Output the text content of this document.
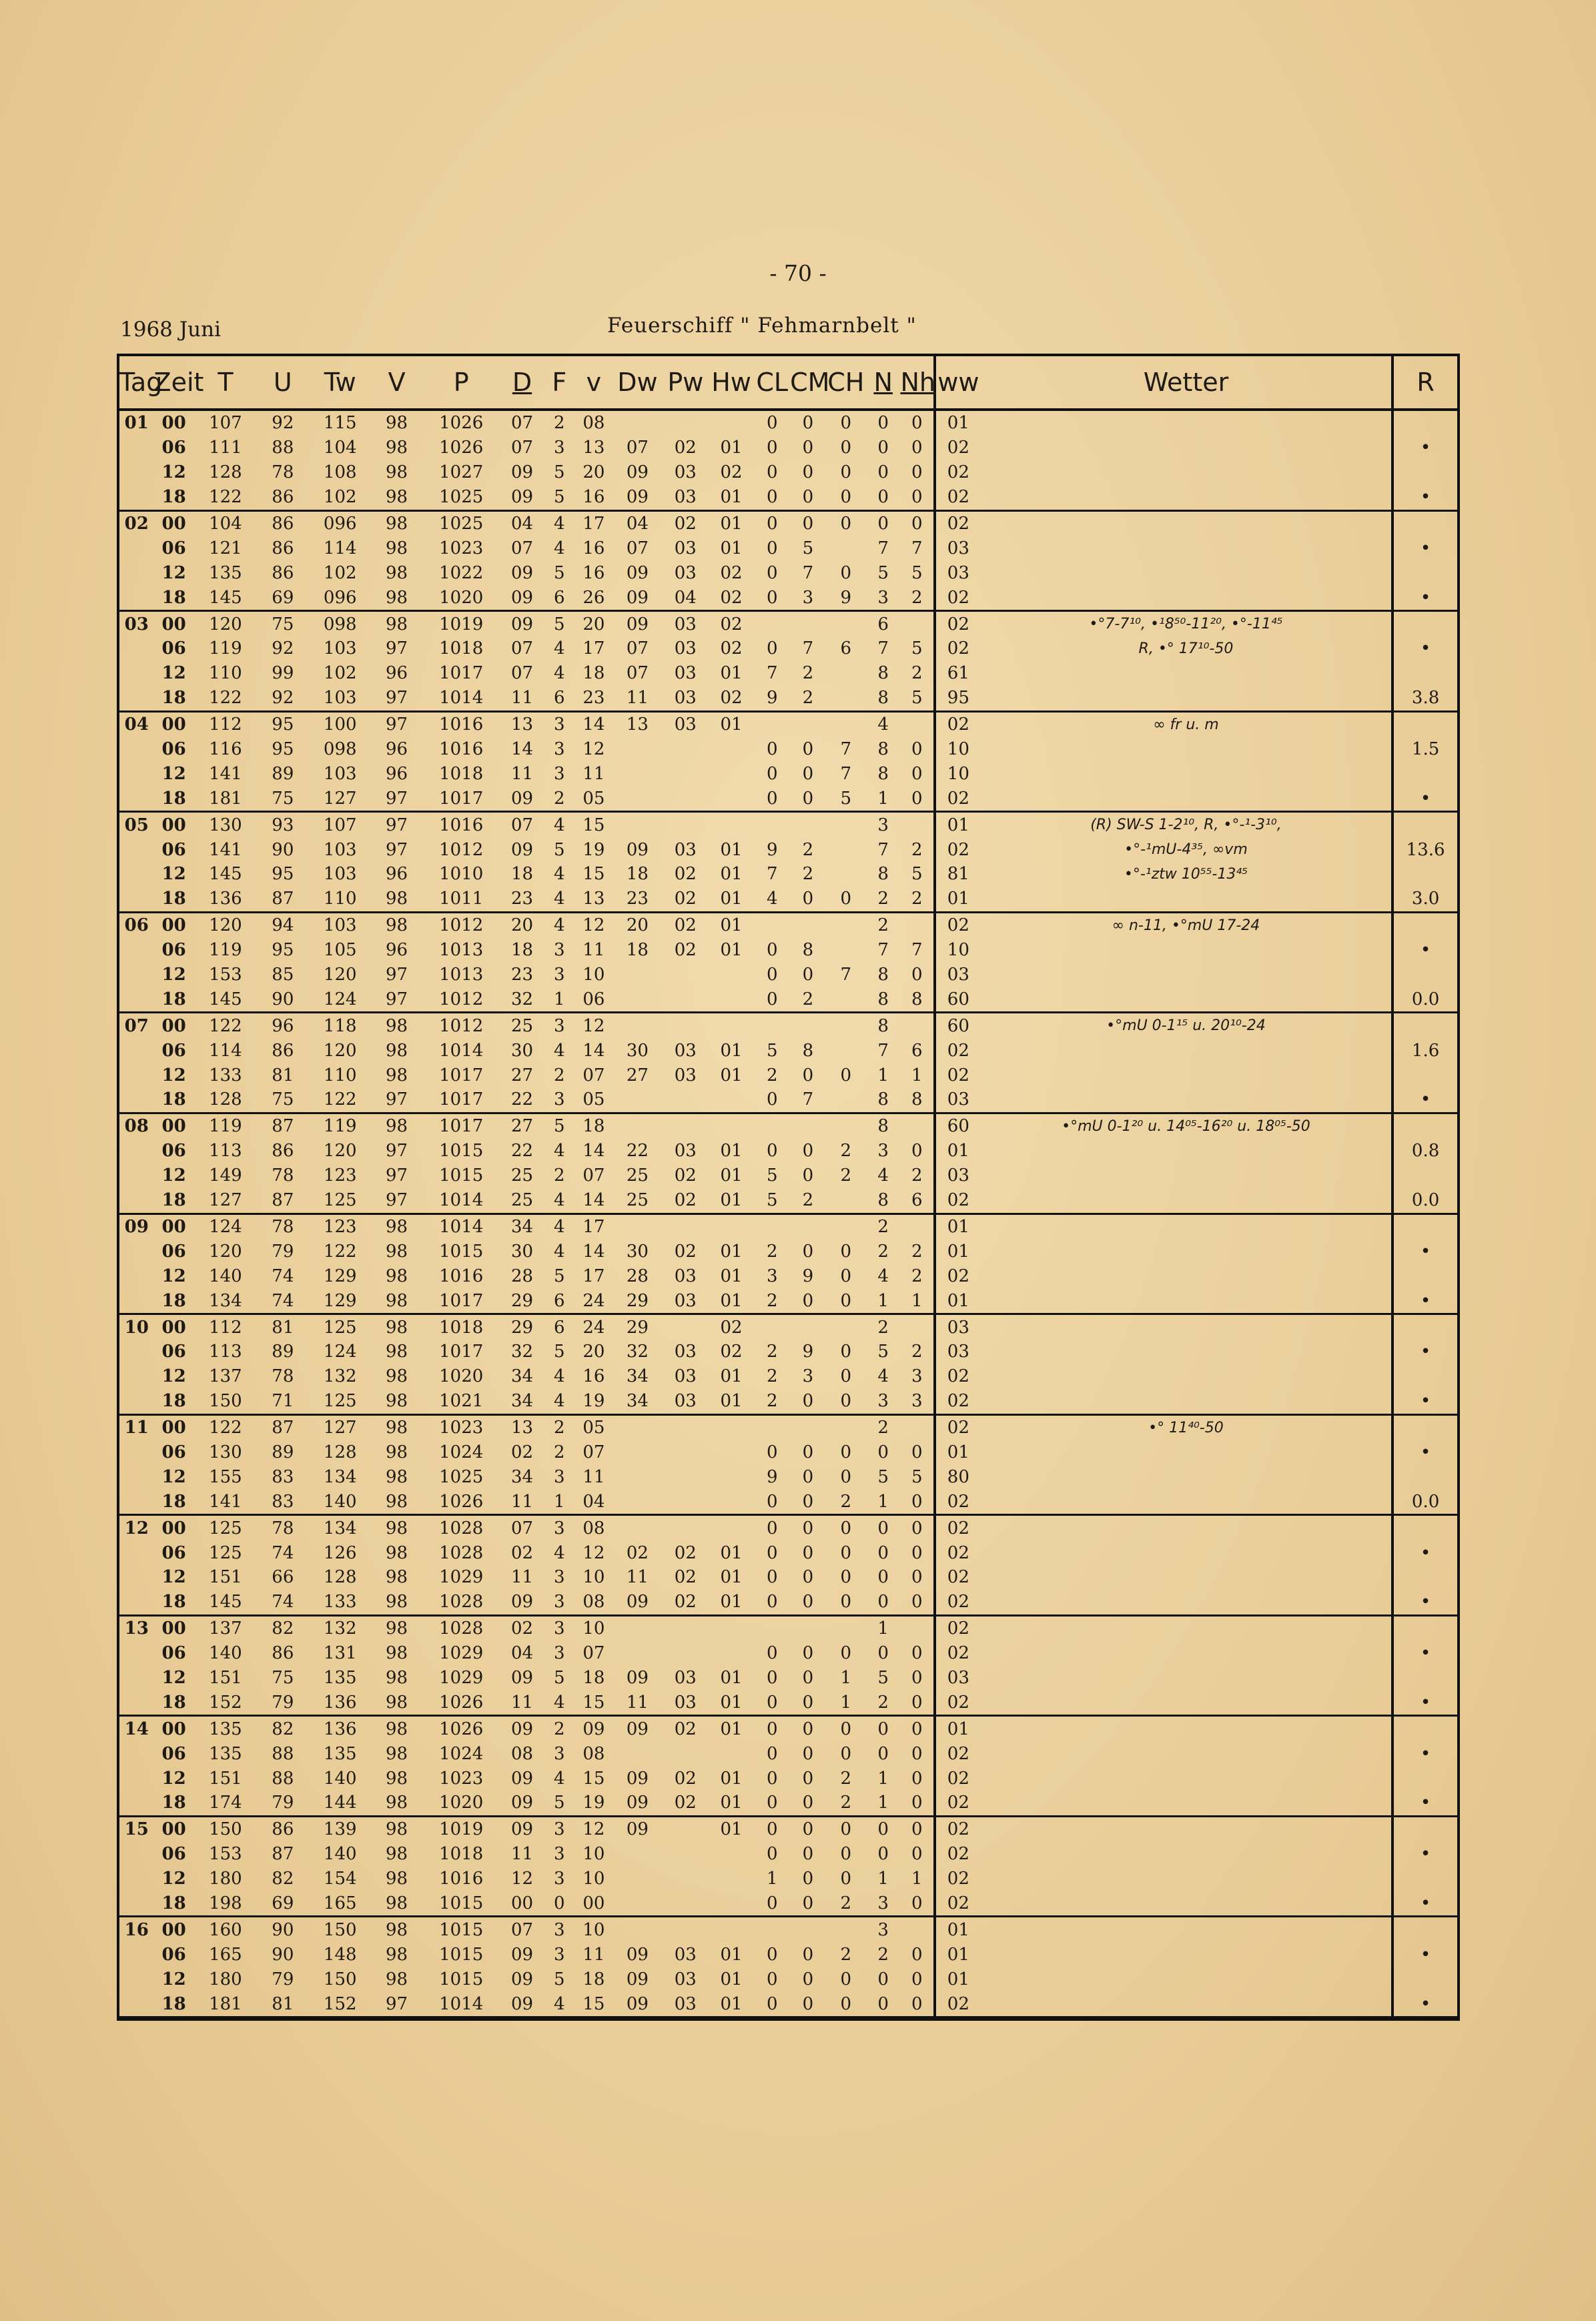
- 70 -
1968 Juni	Feuerschiff " Fehmarnbelt "
Tag	Zeit	T	U	Tw	V	P	D	F	v	Dw	Pw	Hw	CL	CM	CH	N	Nh	ww	Wetter	R
01	00	107	92	115	98	1026	07	2	08				0	0	0	0	0	01		
	06	111	88	104	98	1026	07	3	13	07	02	01	0	0	0	0	0	02		•
	12	128	78	108	98	1027	09	5	20	09	03	02	0	0	0	0	0	02		
	18	122	86	102	98	1025	09	5	16	09	03	01	0	0	0	0	0	02		•
02	00	104	86	096	98	1025	04	4	17	04	02	01	0	0	0	0	0	02		
	06	121	86	114	98	1023	07	4	16	07	03	01	0	5		7	7	03		•
	12	135	86	102	98	1022	09	5	16	09	03	02	0	7	0	5	5	03		
	18	145	69	096	98	1020	09	6	26	09	04	02	0	3	9	3	2	02		•
03	00	120	75	098	98	1019	09	5	20	09	03	02				6		02	•°7-7¹⁰, •¹8⁵⁰-11²⁰, •°-11⁴⁵	
	06	119	92	103	97	1018	07	4	17	07	03	02	0	7	6	7	5	02	R, •° 17¹⁰-50	•
	12	110	99	102	96	1017	07	4	18	07	03	01	7	2		8	2	61		
	18	122	92	103	97	1014	11	6	23	11	03	02	9	2		8	5	95		3.8
04	00	112	95	100	97	1016	13	3	14	13	03	01				4		02	∞ fr u. m	
	06	116	95	098	96	1016	14	3	12				0	0	7	8	0	10		1.5
	12	141	89	103	96	1018	11	3	11				0	0	7	8	0	10		
	18	181	75	127	97	1017	09	2	05				0	0	5	1	0	02		•
05	00	130	93	107	97	1016	07	4	15							3		01	(R) SW-S 1-2¹⁰, R, •°-¹-3¹⁰,	
	06	141	90	103	97	1012	09	5	19	09	03	01	9	2		7	2	02	•°-¹mU-4³⁵, ∞vm	13.6
	12	145	95	103	96	1010	18	4	15	18	02	01	7	2		8	5	81	•°-¹ztw 10⁵⁵-13⁴⁵	
	18	136	87	110	98	1011	23	4	13	23	02	01	4	0	0	2	2	01		3.0
06	00	120	94	103	98	1012	20	4	12	20	02	01				2		02	∞ n-11, •°mU 17-24	
	06	119	95	105	96	1013	18	3	11	18	02	01	0	8		7	7	10		•
	12	153	85	120	97	1013	23	3	10				0	0	7	8	0	03		
	18	145	90	124	97	1012	32	1	06				0	2		8	8	60		0.0
07	00	122	96	118	98	1012	25	3	12							8		60	•°mU 0-1¹⁵ u. 20¹⁰-24	
	06	114	86	120	98	1014	30	4	14	30	03	01	5	8		7	6	02		1.6
	12	133	81	110	98	1017	27	2	07	27	03	01	2	0	0	1	1	02		
	18	128	75	122	97	1017	22	3	05				0	7		8	8	03		•
08	00	119	87	119	98	1017	27	5	18							8		60	•°mU 0-1²⁰ u. 14⁰⁵-16²⁰ u. 18⁰⁵-50	
	06	113	86	120	97	1015	22	4	14	22	03	01	0	0	2	3	0	01		0.8
	12	149	78	123	97	1015	25	2	07	25	02	01	5	0	2	4	2	03		
	18	127	87	125	97	1014	25	4	14	25	02	01	5	2		8	6	02		0.0
09	00	124	78	123	98	1014	34	4	17							2		01		
	06	120	79	122	98	1015	30	4	14	30	02	01	2	0	0	2	2	01		•
	12	140	74	129	98	1016	28	5	17	28	03	01	3	9	0	4	2	02		
	18	134	74	129	98	1017	29	6	24	29	03	01	2	0	0	1	1	01		•
10	00	112	81	125	98	1018	29	6	24	29		02				2		03		
	06	113	89	124	98	1017	32	5	20	32	03	02	2	9	0	5	2	03		•
	12	137	78	132	98	1020	34	4	16	34	03	01	2	3	0	4	3	02		
	18	150	71	125	98	1021	34	4	19	34	03	01	2	0	0	3	3	02		•
11	00	122	87	127	98	1023	13	2	05							2		02	•° 11⁴⁰-50	
	06	130	89	128	98	1024	02	2	07				0	0	0	0	0	01		•
	12	155	83	134	98	1025	34	3	11				9	0	0	5	5	80		
	18	141	83	140	98	1026	11	1	04				0	0	2	1	0	02		0.0
12	00	125	78	134	98	1028	07	3	08				0	0	0	0	0	02		
	06	125	74	126	98	1028	02	4	12	02	02	01	0	0	0	0	0	02		•
	12	151	66	128	98	1029	11	3	10	11	02	01	0	0	0	0	0	02		
	18	145	74	133	98	1028	09	3	08	09	02	01	0	0	0	0	0	02		•
13	00	137	82	132	98	1028	02	3	10							1		02		
	06	140	86	131	98	1029	04	3	07				0	0	0	0	0	02		•
	12	151	75	135	98	1029	09	5	18	09	03	01	0	0	1	5	0	03		
	18	152	79	136	98	1026	11	4	15	11	03	01	0	0	1	2	0	02		•
14	00	135	82	136	98	1026	09	2	09	09	02	01	0	0	0	0	0	01		
	06	135	88	135	98	1024	08	3	08				0	0	0	0	0	02		•
	12	151	88	140	98	1023	09	4	15	09	02	01	0	0	2	1	0	02		
	18	174	79	144	98	1020	09	5	19	09	02	01	0	0	2	1	0	02		•
15	00	150	86	139	98	1019	09	3	12	09		01	0	0	0	0	0	02		
	06	153	87	140	98	1018	11	3	10				0	0	0	0	0	02		•
	12	180	82	154	98	1016	12	3	10				1	0	0	1	1	02		
	18	198	69	165	98	1015	00	0	00				0	0	2	3	0	02		•
16	00	160	90	150	98	1015	07	3	10							3		01		
	06	165	90	148	98	1015	09	3	11	09	03	01	0	0	2	2	0	01		•
	12	180	79	150	98	1015	09	5	18	09	03	01	0	0	0	0	0	01		
	18	181	81	152	97	1014	09	4	15	09	03	01	0	0	0	0	0	02		•
